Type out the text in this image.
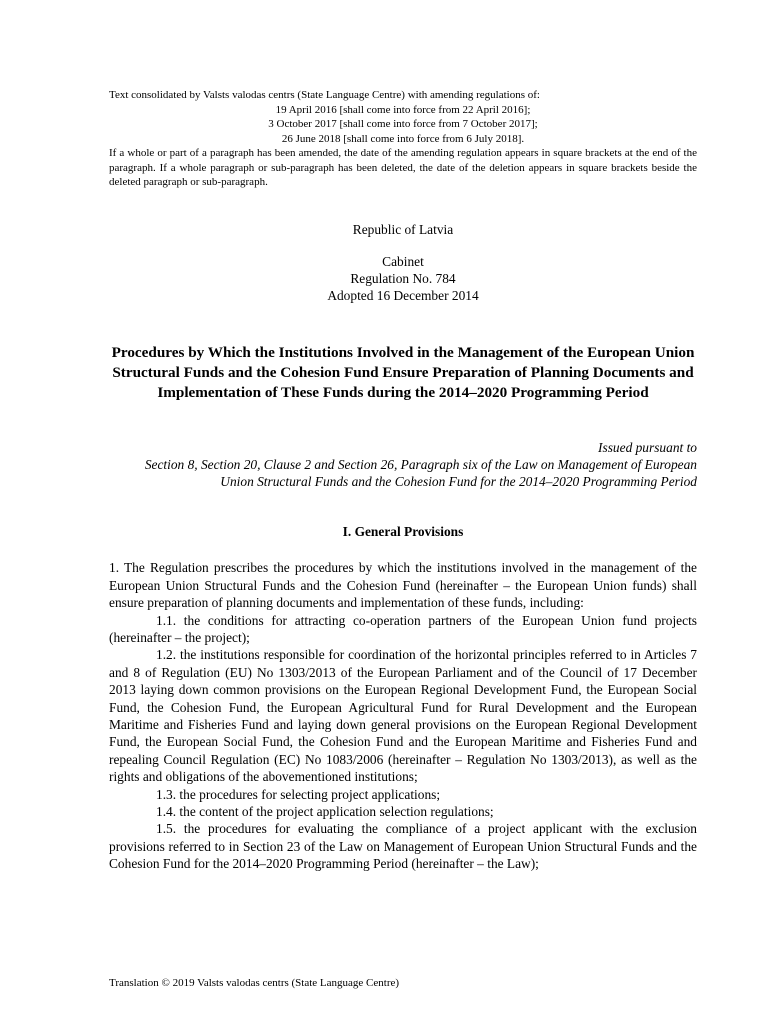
Text consolidated by Valsts valodas centrs (State Language Centre) with amending regulations of:
19 April 2016 [shall come into force from 22 April 2016];
3 October 2017 [shall come into force from 7 October 2017];
26 June 2018 [shall come into force from 6 July 2018].
If a whole or part of a paragraph has been amended, the date of the amending regulation appears in square brackets at the end of the paragraph. If a whole paragraph or sub-paragraph has been deleted, the date of the deletion appears in square brackets beside the deleted paragraph or sub-paragraph.
Republic of Latvia
Cabinet
Regulation No. 784
Adopted 16 December 2014
Procedures by Which the Institutions Involved in the Management of the European Union Structural Funds and the Cohesion Fund Ensure Preparation of Planning Documents and Implementation of These Funds during the 2014–2020 Programming Period
Issued pursuant to
Section 8, Section 20, Clause 2 and Section 26, Paragraph six of the Law on Management of European Union Structural Funds and the Cohesion Fund for the 2014–2020 Programming Period
I. General Provisions

1. The Regulation prescribes the procedures by which the institutions involved in the management of the European Union Structural Funds and the Cohesion Fund (hereinafter – the European Union funds) shall ensure preparation of planning documents and implementation of these funds, including:

1.1. the conditions for attracting co-operation partners of the European Union fund projects (hereinafter – the project);

1.2. the institutions responsible for coordination of the horizontal principles referred to in Articles 7 and 8 of Regulation (EU) No 1303/2013 of the European Parliament and of the Council of 17 December 2013 laying down common provisions on the European Regional Development Fund, the European Social Fund, the Cohesion Fund, the European Agricultural Fund for Rural Development and the European Maritime and Fisheries Fund and laying down general provisions on the European Regional Development Fund, the European Social Fund, the Cohesion Fund and the European Maritime and Fisheries Fund and repealing Council Regulation (EC) No 1083/2006 (hereinafter – Regulation No 1303/2013), as well as the rights and obligations of the abovementioned institutions;

1.3. the procedures for selecting project applications;

1.4. the content of the project application selection regulations;

1.5. the procedures for evaluating the compliance of a project applicant with the exclusion provisions referred to in Section 23 of the Law on Management of European Union Structural Funds and the Cohesion Fund for the 2014–2020 Programming Period (hereinafter – the Law);

Translation © 2019 Valsts valodas centrs (State Language Centre)
